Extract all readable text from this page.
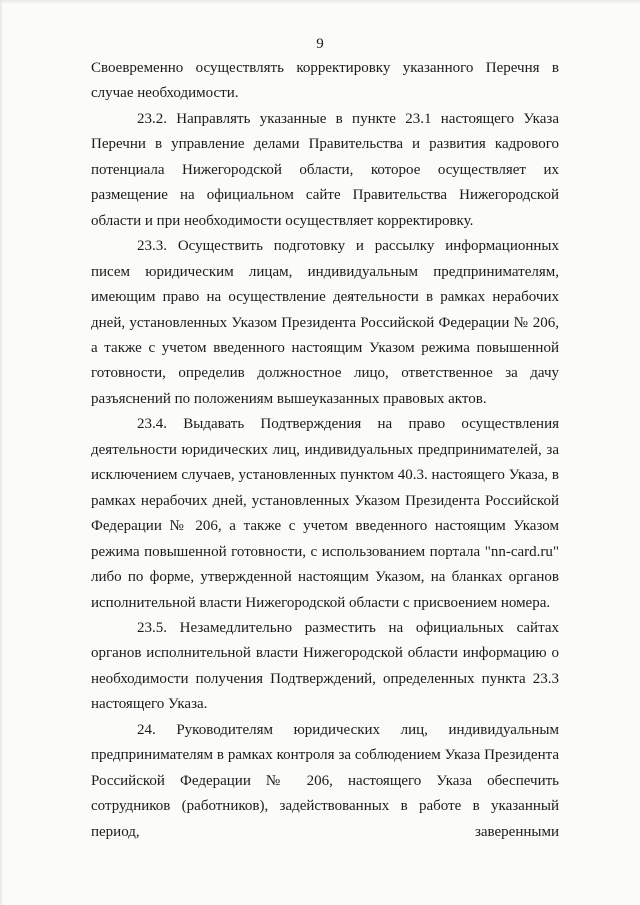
9

Своевременно осуществлять корректировку указанного Перечня в случае необходимости.

23.2. Направлять указанные в пункте 23.1 настоящего Указа Перечни в управление делами Правительства и развития кадрового потенциала Нижегородской области, которое осуществляет их размещение на официальном сайте Правительства Нижегородской области и при необходимости осуществляет корректировку.

23.3. Осуществить подготовку и рассылку информационных писем юридическим лицам, индивидуальным предпринимателям, имеющим право на осуществление деятельности в рамках нерабочих дней, установленных Указом Президента Российской Федерации № 206, а также с учетом введенного настоящим Указом режима повышенной готовности, определив должностное лицо, ответственное за дачу разъяснений по положениям вышеуказанных правовых актов.

23.4. Выдавать Подтверждения на право осуществления деятельности юридических лиц, индивидуальных предпринимателей, за исключением случаев, установленных пунктом 40.3. настоящего Указа, в рамках нерабочих дней, установленных Указом Президента Российской Федерации № 206, а также с учетом введенного настоящим Указом режима повышенной готовности, с использованием портала "nn-card.ru" либо по форме, утвержденной настоящим Указом, на бланках органов исполнительной власти Нижегородской области с присвоением номера.

23.5. Незамедлительно разместить на официальных сайтах органов исполнительной власти Нижегородской области информацию о необходимости получения Подтверждений, определенных пункта 23.3 настоящего Указа.

24. Руководителям юридических лиц, индивидуальным предпринимателям в рамках контроля за соблюдением Указа Президента Российской Федерации № 206, настоящего Указа обеспечить сотрудников (работников), задействованных в работе в указанный период, заверенными
